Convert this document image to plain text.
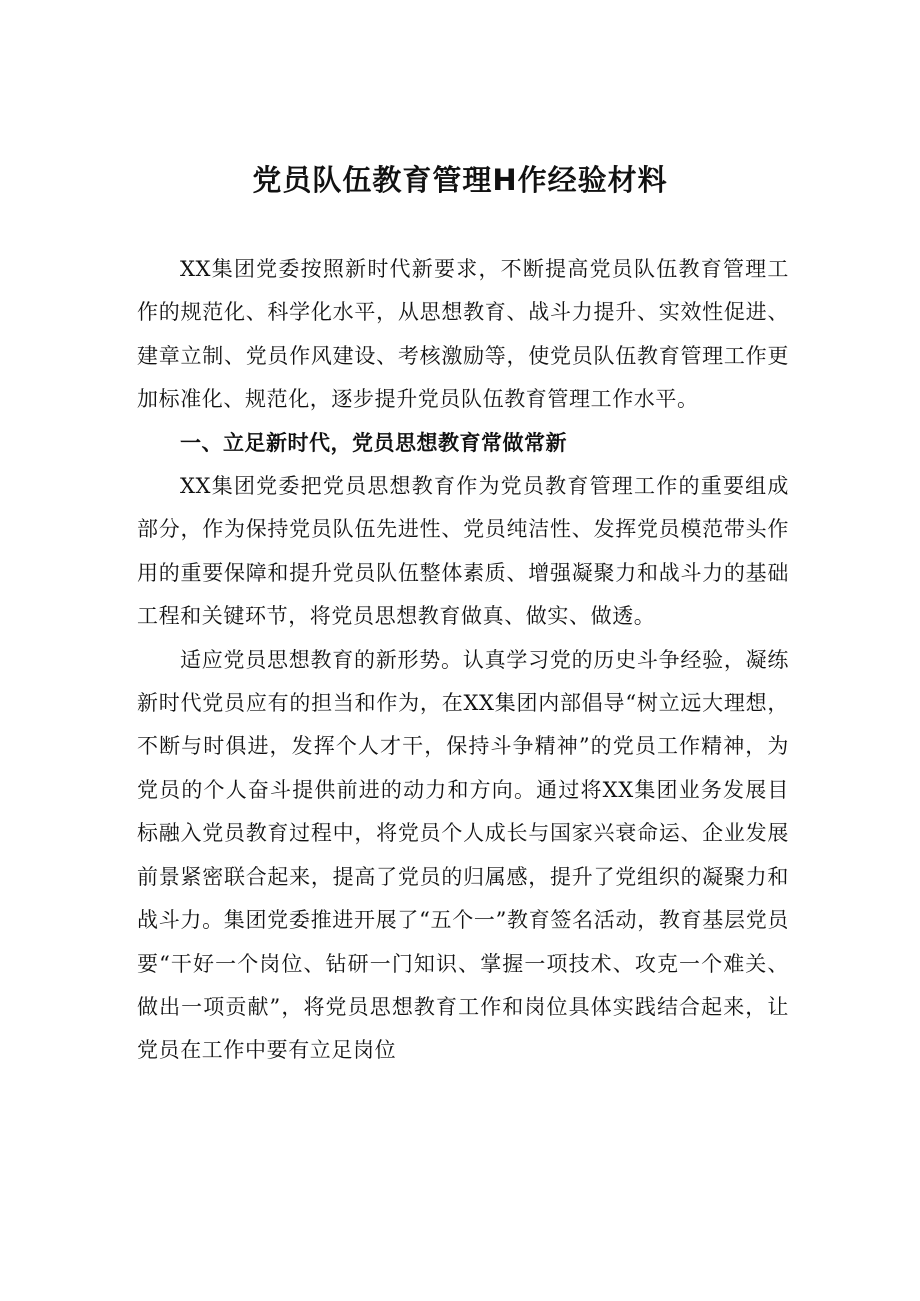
党员队伍教育管理H作经验材料

XX集团党委按照新时代新要求，不断提高党员队伍教育管理工作的规范化、科学化水平，从思想教育、战斗力提升、实效性促进、建章立制、党员作风建设、考核激励等，使党员队伍教育管理工作更加标准化、规范化，逐步提升党员队伍教育管理工作水平。

一、立足新时代，党员思想教育常做常新

XX集团党委把党员思想教育作为党员教育管理工作的重要组成部分，作为保持党员队伍先进性、党员纯洁性、发挥党员模范带头作用的重要保障和提升党员队伍整体素质、增强凝聚力和战斗力的基础工程和关键环节，将党员思想教育做真、做实、做透。

适应党员思想教育的新形势。认真学习党的历史斗争经验，凝练新时代党员应有的担当和作为，在XX集团内部倡导“树立远大理想，不断与时俱进，发挥个人才干，保持斗争精神”的党员工作精神，为党员的个人奋斗提供前进的动力和方向。通过将XX集团业务发展目标融入党员教育过程中，将党员个人成长与国家兴衰命运、企业发展前景紧密联合起来，提高了党员的归属感，提升了党组织的凝聚力和战斗力。集团党委推进开展了“五个一”教育签名活动，教育基层党员要“干好一个岗位、钻研一门知识、掌握一项技术、攻克一个难关、做出一项贡献”，将党员思想教育工作和岗位具体实践结合起来，让党员在工作中要有立足岗位
